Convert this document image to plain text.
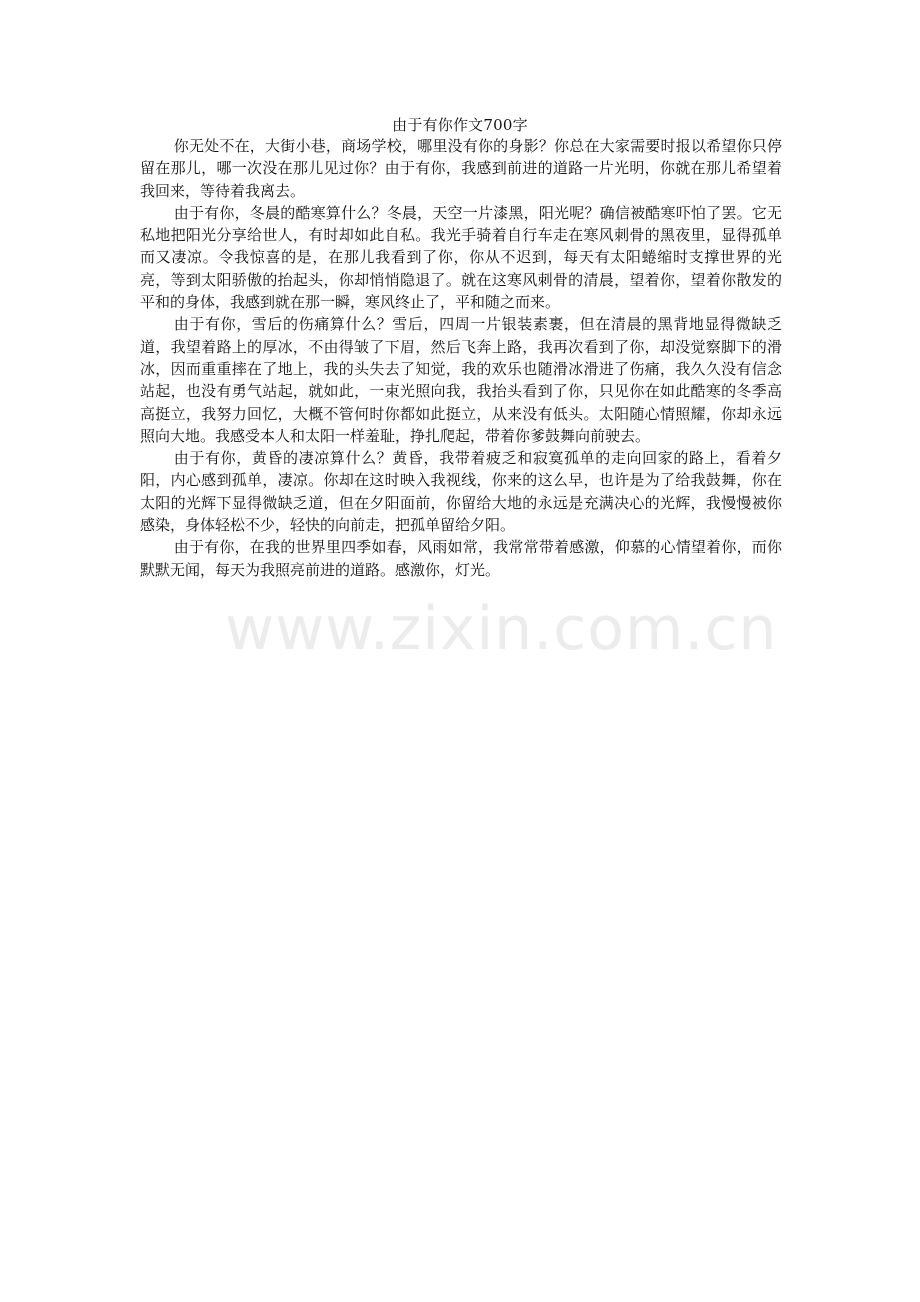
由于有你作文700字

你无处不在，大街小巷，商场学校，哪里没有你的身影？你总在大家需要时报以希望你只停留在那儿，哪一次没在那儿见过你？由于有你，我感到前进的道路一片光明，你就在那儿希望着我回来，等待着我离去。

由于有你，冬晨的酷寒算什么？冬晨，天空一片漆黑，阳光呢？确信被酷寒吓怕了罢。它无私地把阳光分享给世人，有时却如此自私。我光手骑着自行车走在寒风刺骨的黑夜里，显得孤单而又凄凉。令我惊喜的是，在那儿我看到了你，你从不迟到，每天有太阳蜷缩时支撑世界的光亮，等到太阳骄傲的抬起头，你却悄悄隐退了。就在这寒风刺骨的清晨，望着你，望着你散发的平和的身体，我感到就在那一瞬，寒风终止了，平和随之而来。

由于有你，雪后的伤痛算什么？雪后，四周一片银装素裹，但在清晨的黑背地显得微缺乏道，我望着路上的厚冰，不由得皱了下眉，然后飞奔上路，我再次看到了你，却没觉察脚下的滑冰，因而重重摔在了地上，我的头失去了知觉，我的欢乐也随滑冰滑进了伤痛，我久久没有信念站起，也没有勇气站起，就如此，一束光照向我，我抬头看到了你，只见你在如此酷寒的冬季高高挺立，我努力回忆，大概不管何时你都如此挺立，从来没有低头。太阳随心情照耀，你却永远照向大地。我感受本人和太阳一样羞耻，挣扎爬起，带着你爹鼓舞向前驶去。

由于有你，黄昏的凄凉算什么？黄昏，我带着疲乏和寂寞孤单的走向回家的路上，看着夕阳，内心感到孤单，凄凉。你却在这时映入我视线，你来的这么早，也许是为了给我鼓舞，你在太阳的光辉下显得微缺乏道，但在夕阳面前，你留给大地的永远是充满决心的光辉，我慢慢被你感染，身体轻松不少，轻快的向前走，把孤单留给夕阳。

由于有你，在我的世界里四季如春，风雨如常，我常常带着感激，仰慕的心情望着你，而你默默无闻，每天为我照亮前进的道路。感激你，灯光。

www.zixin.com.cn
